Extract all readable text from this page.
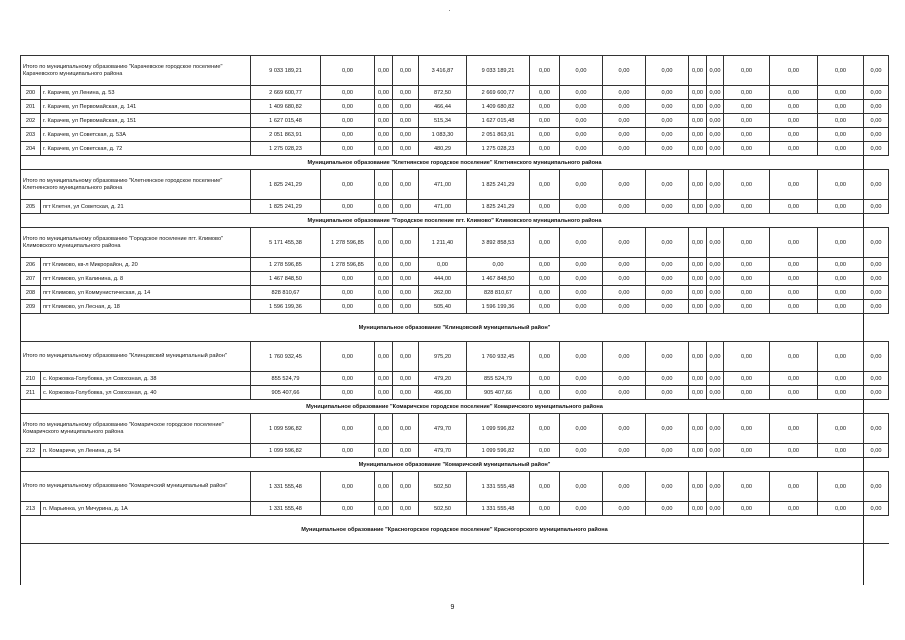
Итого по муниципальному образованию "Карачевское городское поселение" Карачевского муниципального района		9 033 189,21	0,00	0,00	0,00	3 416,87	9 033 189,21	0,00	0,00	0,00	0,00	0,00	0,00	0,00	0,00	0,00	0,00
200	г. Карачев, ул Ленина, д. 53	2 669 600,77	0,00	0,00	0,00	872,50	2 669 600,77	0,00	0,00	0,00	0,00	0,00	0,00	0,00	0,00	0,00	0,00
201	г. Карачев, ул Первомайская, д. 141	1 409 680,82	0,00	0,00	0,00	466,44	1 409 680,82	0,00	0,00	0,00	0,00	0,00	0,00	0,00	0,00	0,00	0,00
202	г. Карачев, ул Первомайская, д. 151	1 627 015,48	0,00	0,00	0,00	515,34	1 627 015,48	0,00	0,00	0,00	0,00	0,00	0,00	0,00	0,00	0,00	0,00
203	г. Карачев, ул Советская, д. 53А	2 051 863,91	0,00	0,00	0,00	1 083,30	2 051 863,91	0,00	0,00	0,00	0,00	0,00	0,00	0,00	0,00	0,00	0,00
204	г. Карачев, ул Советская, д. 72	1 275 028,23	0,00	0,00	0,00	480,29	1 275 028,23	0,00	0,00	0,00	0,00	0,00	0,00	0,00	0,00	0,00	0,00
Муниципальное образование "Клетнянское городское поселение" Клетнянского муниципального района																	
Итого по муниципальному образованию "Клетнянское городское поселение" Клетнянского муниципального района		1 825 241,29	0,00	0,00	0,00	471,00	1 825 241,29	0,00	0,00	0,00	0,00	0,00	0,00	0,00	0,00	0,00	0,00
205	пгт Клетня, ул Советская, д. 21	1 825 241,29	0,00	0,00	0,00	471,00	1 825 241,29	0,00	0,00	0,00	0,00	0,00	0,00	0,00	0,00	0,00	0,00
Муниципальное образование "Городское поселение пгт. Климово" Климовского муниципального района																	
Итого по муниципальному образованию "Городское поселение пгт. Климово" Климовского муниципального района		5 171 455,38	1 278 596,85	0,00	0,00	1 211,40	3 892 858,53	0,00	0,00	0,00	0,00	0,00	0,00	0,00	0,00	0,00	0,00
206	пгт Климово, кв-л Микрорайон, д. 20	1 278 596,85	1 278 596,85	0,00	0,00	0,00	0,00	0,00	0,00	0,00	0,00	0,00	0,00	0,00	0,00	0,00	0,00
207	пгт Климово, ул Калинина, д. 8	1 467 848,50	0,00	0,00	0,00	444,00	1 467 848,50	0,00	0,00	0,00	0,00	0,00	0,00	0,00	0,00	0,00	0,00
208	пгт Климово, ул Коммунистическая, д. 14	828 810,67	0,00	0,00	0,00	262,00	828 810,67	0,00	0,00	0,00	0,00	0,00	0,00	0,00	0,00	0,00	0,00
209	пгт Климово, ул Лесная, д. 18	1 596 199,36	0,00	0,00	0,00	505,40	1 596 199,36	0,00	0,00	0,00	0,00	0,00	0,00	0,00	0,00	0,00	0,00
Муниципальное образование "Клинцовский муниципальный район"																	
Итого по муниципальному образованию "Клинцовский муниципальный район"		1 760 932,45	0,00	0,00	0,00	975,20	1 760 932,45	0,00	0,00	0,00	0,00	0,00	0,00	0,00	0,00	0,00	0,00
210	с. Коржовка-Голубовка, ул Совхозная, д. 38	855 524,79	0,00	0,00	0,00	479,20	855 524,79	0,00	0,00	0,00	0,00	0,00	0,00	0,00	0,00	0,00	0,00
211	с. Коржовка-Голубовка, ул Совхозная, д. 40	905 407,66	0,00	0,00	0,00	496,00	905 407,66	0,00	0,00	0,00	0,00	0,00	0,00	0,00	0,00	0,00	0,00
Муниципальное образование "Комаричское городское поселение" Комаричского муниципального района																	
Итого по муниципальному образованию "Комаричское городское поселение" Комаричского муниципального района		1 099 596,82	0,00	0,00	0,00	479,70	1 099 596,82	0,00	0,00	0,00	0,00	0,00	0,00	0,00	0,00	0,00	0,00
212	п. Комаричи, ул Ленина, д. 54	1 099 596,82	0,00	0,00	0,00	479,70	1 099 596,82	0,00	0,00	0,00	0,00	0,00	0,00	0,00	0,00	0,00	0,00
Муниципальное образование "Комаричский муниципальный район"																	
Итого по муниципальному образованию "Комаричский муниципальный район"		1 331 555,48	0,00	0,00	0,00	502,50	1 331 555,48	0,00	0,00	0,00	0,00	0,00	0,00	0,00	0,00	0,00	0,00
213	п. Марьинка, ул Мичурина, д. 1А	1 331 555,48	0,00	0,00	0,00	502,50	1 331 555,48	0,00	0,00	0,00	0,00	0,00	0,00	0,00	0,00	0,00	0,00
Муниципальное образование "Красногорское городское поселение" Красногорского муниципального района																	
9
